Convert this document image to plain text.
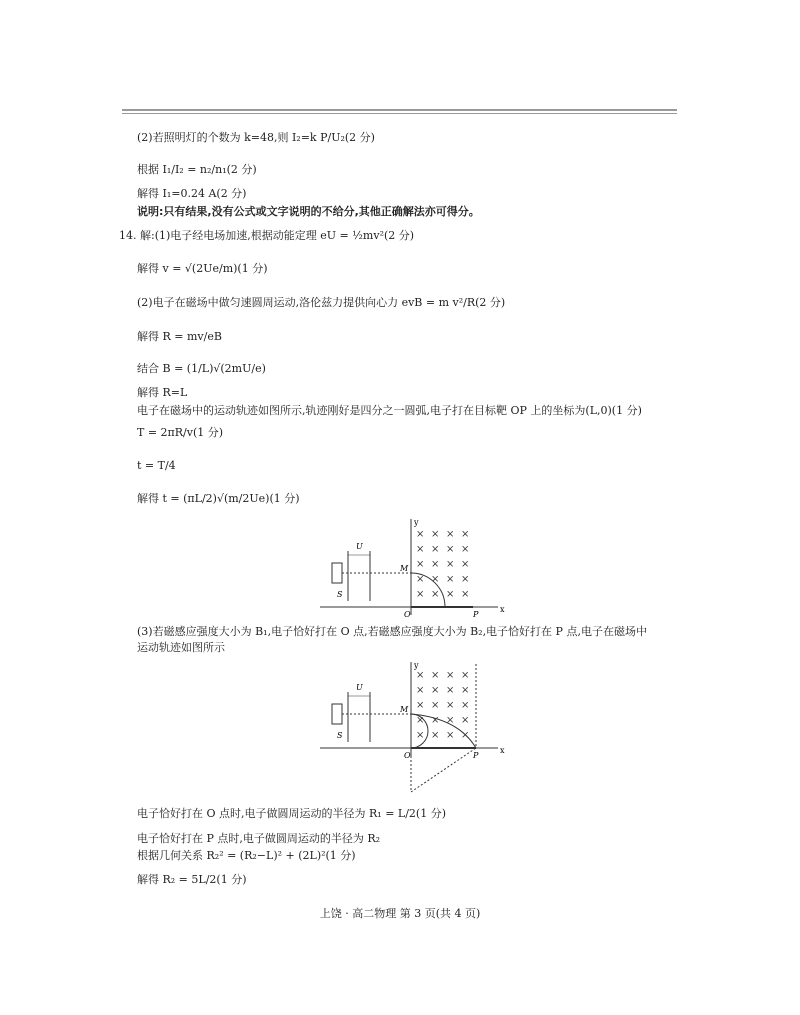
(2)若照明灯的个数为 k=48,则 I₂=k P/U₂(2 分)
根据 I₁/I₂ = n₂/n₁(2 分)
解得 I₁=0.24 A(2 分)
说明:只有结果,没有公式或文字说明的不给分,其他正确解法亦可得分。
14. 解:(1)电子经电场加速,根据动能定理 eU = ½mv²(2 分)
解得 v = √(2Ue/m)(1 分)
(2)电子在磁场中做匀速圆周运动,洛伦兹力提供向心力 evB = m v²/R(2 分)
解得 R = mv/eB
结合 B = (1/L)√(2mU/e)
解得 R=L
电子在磁场中的运动轨迹如图所示,轨迹刚好是四分之一圆弧,电子打在目标靶 OP 上的坐标为(L,0)(1 分)
T = 2πR/v(1 分)
t = T/4
解得 t = (πL/2)√(m/2Ue)(1 分)
y
x
S
U
M
O	P
× × × ×
× × × ×
× × × ×
× × × ×
× × × ×
(3)若磁感应强度大小为 B₁,电子恰好打在 O 点,若磁感应强度大小为 B₂,电子恰好打在 P 点,电子在磁场中
运动轨迹如图所示
y
x
S
U
M
O	P
× × × ×
× × × ×
× × × ×
× × × ×
× × × ×
电子恰好打在 O 点时,电子做圆周运动的半径为 R₁ = L/2(1 分)
电子恰好打在 P 点时,电子做圆周运动的半径为 R₂
根据几何关系 R₂² = (R₂−L)² + (2L)²(1 分)
解得 R₂ = 5L/2(1 分)
上饶 · 高二物理 第 3 页(共 4 页)
